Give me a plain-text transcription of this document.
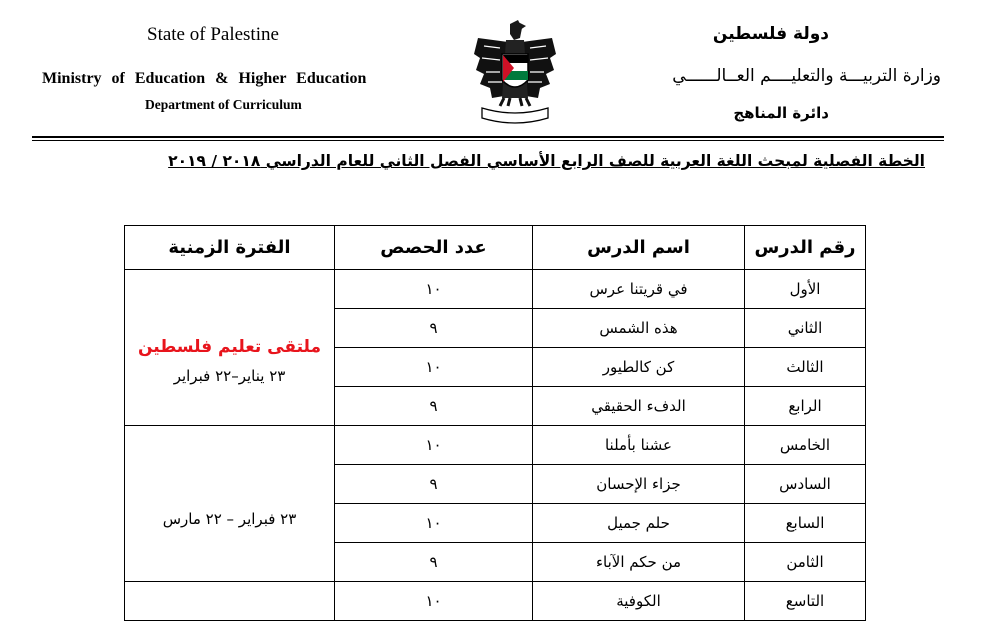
State of Palestine
Ministry of Education & Higher Education
Department of Curriculum
دولة فلسطين
وزارة التربيـــة والتعليــــم العــالــــــي
دائرة المناهج
الخطة الفصلية لمبحث اللغة العربية للصف الرابع الأساسي الفصل الثاني للعام الدراسي ٢٠١٨ / ٢٠١٩
رقم الدرس	اسم الدرس	عدد الحصص	الفترة الزمنية
الأول	في قريتنا عرس	١٠	ملتقى تعليم فلسطين
٢٣ يناير–٢٢ فبراير

الثاني	هذه الشمس	٩	
الثالث	كن كالطيور	١٠	
الرابع	الدفء الحقيقي	٩	
الخامس	عشنا بأملنا	١٠	٢٣ فبراير – ٢٢ مارس

السادس	جزاء الإحسان	٩	
السابع	حلم جميل	١٠	
الثامن	من حكم الآباء	٩	
التاسع	الكوفية	١٠	
